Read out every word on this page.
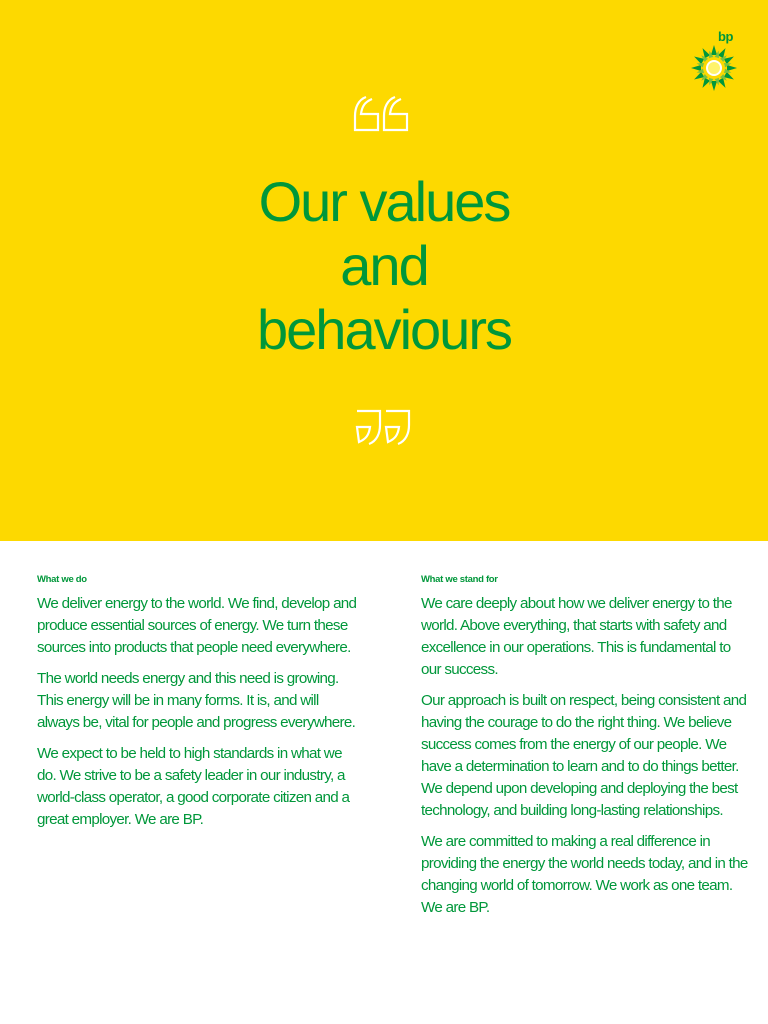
bp
Our values
and
behaviours
What we do

We deliver energy to the world. We find, develop and produce essential sources of energy. We turn these sources into products that people need everywhere.

The world needs energy and this need is growing. This energy will be in many forms. It is, and will always be, vital for people and progress everywhere.

We expect to be held to high standards in what we do. We strive to be a safety leader in our industry, a world-class operator, a good corporate citizen and a great employer. We are BP.

What we stand for

We care deeply about how we deliver energy to the world. Above everything, that starts with safety and excellence in our operations. This is fundamental to our success.

Our approach is built on respect, being consistent and having the courage to do the right thing. We believe success comes from the energy of our people. We have a determination to learn and to do things better. We depend upon developing and deploying the best technology, and building long-lasting relationships.

We are committed to making a real difference in providing the energy the world needs today, and in the changing world of tomorrow. We work as one team. We are BP.
